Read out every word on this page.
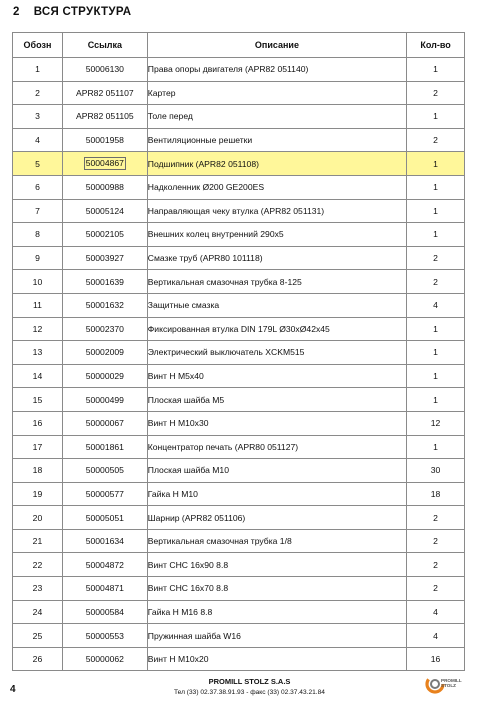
2 ВСЯ СТРУКТУРА
Обозн	Ссылка	Описание	Кол-во
1	50006130	Права опоры двигателя (APR82 051140)	1
2	APR82 051107	Картер	2
3	APR82 051105	Толе перед	1
4	50001958	Вентиляционные решетки	2
5	50004867	Подшипник (APR82 051108)	1
6	50000988	Надколенник Ø200 GE200ES	1
7	50005124	Направляющая чеку втулка (APR82 051131)	1
8	50002105	Внешних колец внутренний 290x5	1
9	50003927	Смазке труб (APR80 101118)	2
10	50001639	Вертикальная смазочная трубка 8-125	2
11	50001632	Защитные смазка	4
12	50002370	Фиксированная втулка DIN 179L Ø30xØ42x45	1
13	50002009	Электрический выключатель XCKM515	1
14	50000029	Винт H M5x40	1
15	50000499	Плоская шайба M5	1
16	50000067	Винт H M10x30	12
17	50001861	Концентратор печать (APR80 051127)	1
18	50000505	Плоская шайба M10	30
19	50000577	Гайка H M10	18
20	50005051	Шарнир (APR82 051106)	2
21	50001634	Вертикальная смазочная трубка 1/8	2
22	50004872	Винт CHC 16x90 8.8	2
23	50004871	Винт CHC 16x70 8.8	2
24	50000584	Гайка H M16 8.8	4
25	50000553	Пружинная шайба W16	4
26	50000062	Винт H M10x20	16
4
PROMILL STOLZ S.A.S
Тел (33) 02.37.38.91.93 - факс (33) 02.37.43.21.84
PROMILL
STOLZ
